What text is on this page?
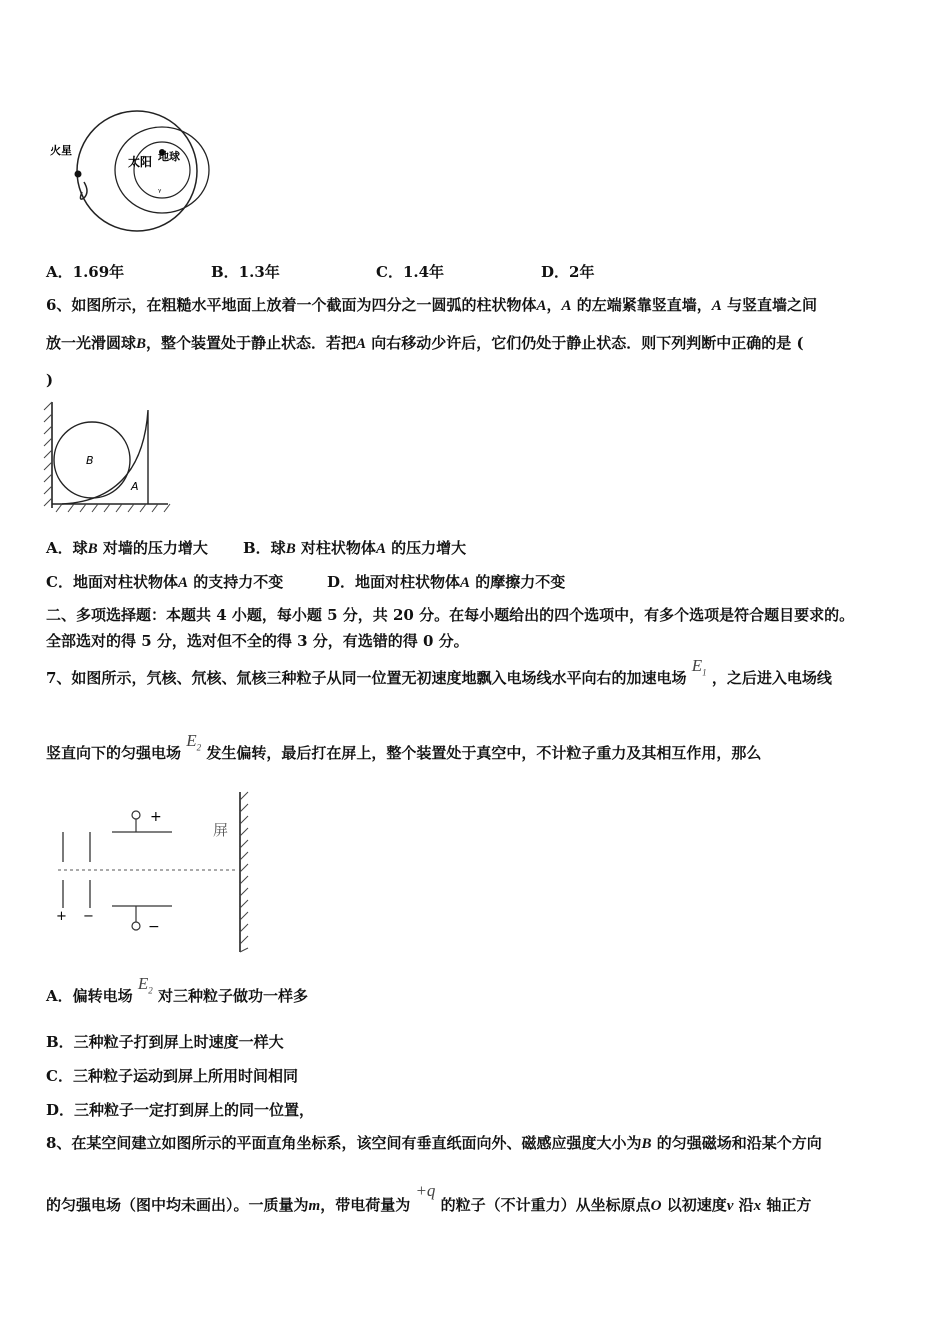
火星
太阳 地球
ᵧ
A．1.69年	B．1.3年	C．1.4年	D．2年
6、如图所示，在粗糙水平地面上放着一个截面为四分之一圆弧的柱状物体A，A 的左端紧靠竖直墙，A 与竖直墙之间
放一光滑圆球B，整个装置处于静止状态．若把A 向右移动少许后，它们仍处于静止状态．则下列判断中正确的是 (
)
B
A
A．球B 对墙的压力增大 B．球B 对柱状物体A 的压力增大
C．地面对柱状物体A 的支持力不变	D．地面对柱状物体A 的摩擦力不变
二、多项选择题：本题共 4 小题，每小题 5 分，共 20 分。在每小题给出的四个选项中，有多个选项是符合题目要求的。
全部选对的得 5 分，选对但不全的得 3 分，有选错的得 0 分。
7、如图所示，氕核、氘核、氚核三种粒子从同一位置无初速度地飘入电场线水平向右的加速电场 $E_1$ ，之后进入电场线
竖直向下的匀强电场 $E_2$ 发生偏转，最后打在屏上，整个装置处于真空中，不计粒子重力及其相互作用，那么
+
−
+ −
屏
A．偏转电场 $E_2$ 对三种粒子做功一样多
B．三种粒子打到屏上时速度一样大
C．三种粒子运动到屏上所用时间相同
D．三种粒子一定打到屏上的同一位置，
8、在某空间建立如图所示的平面直角坐标系，该空间有垂直纸面向外、磁感应强度大小为B 的匀强磁场和沿某个方向
的匀强电场（图中均未画出）。一质量为m，带电荷量为 +q 的粒子（不计重力）从坐标原点O 以初速度v 沿x 轴正方
